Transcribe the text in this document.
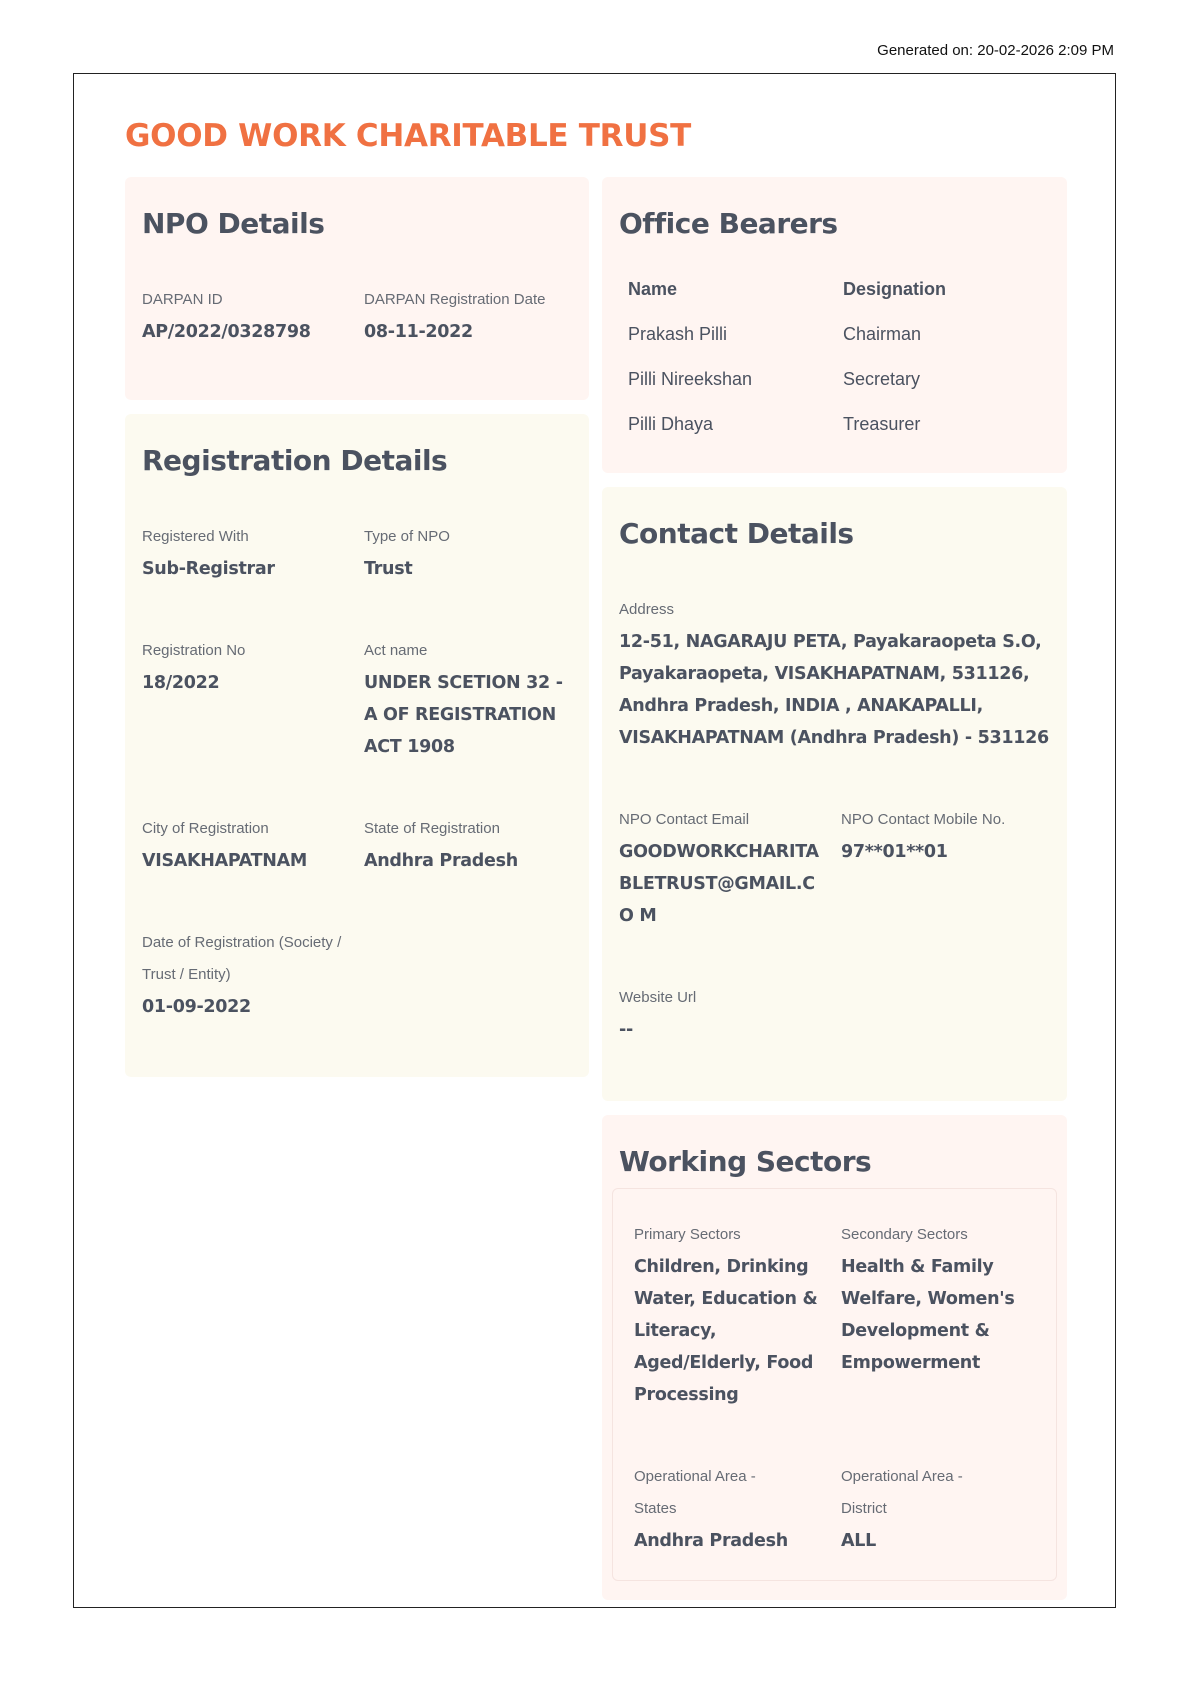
Generated on: 20-02-2026 2:09 PM
GOOD WORK CHARITABLE TRUST
NPO Details
DARPAN ID
AP/2022/0328798
DARPAN Registration Date
08-11-2022
Registration Details
Registered With
Sub-Registrar
Type of NPO
Trust
Registration No
18/2022
Act name
UNDER SCETION 32 - A OF REGISTRATION ACT 1908
City of Registration
VISAKHAPATNAM
State of Registration
Andhra Pradesh
Date of Registration (Society / Trust / Entity)
01-09-2022
Office Bearers
Name	Designation
Prakash Pilli	Chairman
Pilli Nireekshan	Secretary
Pilli Dhaya	Treasurer
Contact Details
Address
12-51, NAGARAJU PETA, Payakaraopeta S.O, Payakaraopeta, VISAKHAPATNAM, 531126, Andhra Pradesh, INDIA , ANAKAPALLI, VISAKHAPATNAM (Andhra Pradesh) - 531126
NPO Contact Email
GOODWORKCHARITA BLETRUST@GMAIL.CO M
NPO Contact Mobile No.
97**01**01
Website Url
--
Working Sectors
Primary Sectors
Children, Drinking Water, Education & Literacy, Aged/Elderly, Food Processing
Secondary Sectors
Health & Family Welfare, Women's Development & Empowerment
Operational Area - States
Andhra Pradesh
Operational Area - District
ALL
